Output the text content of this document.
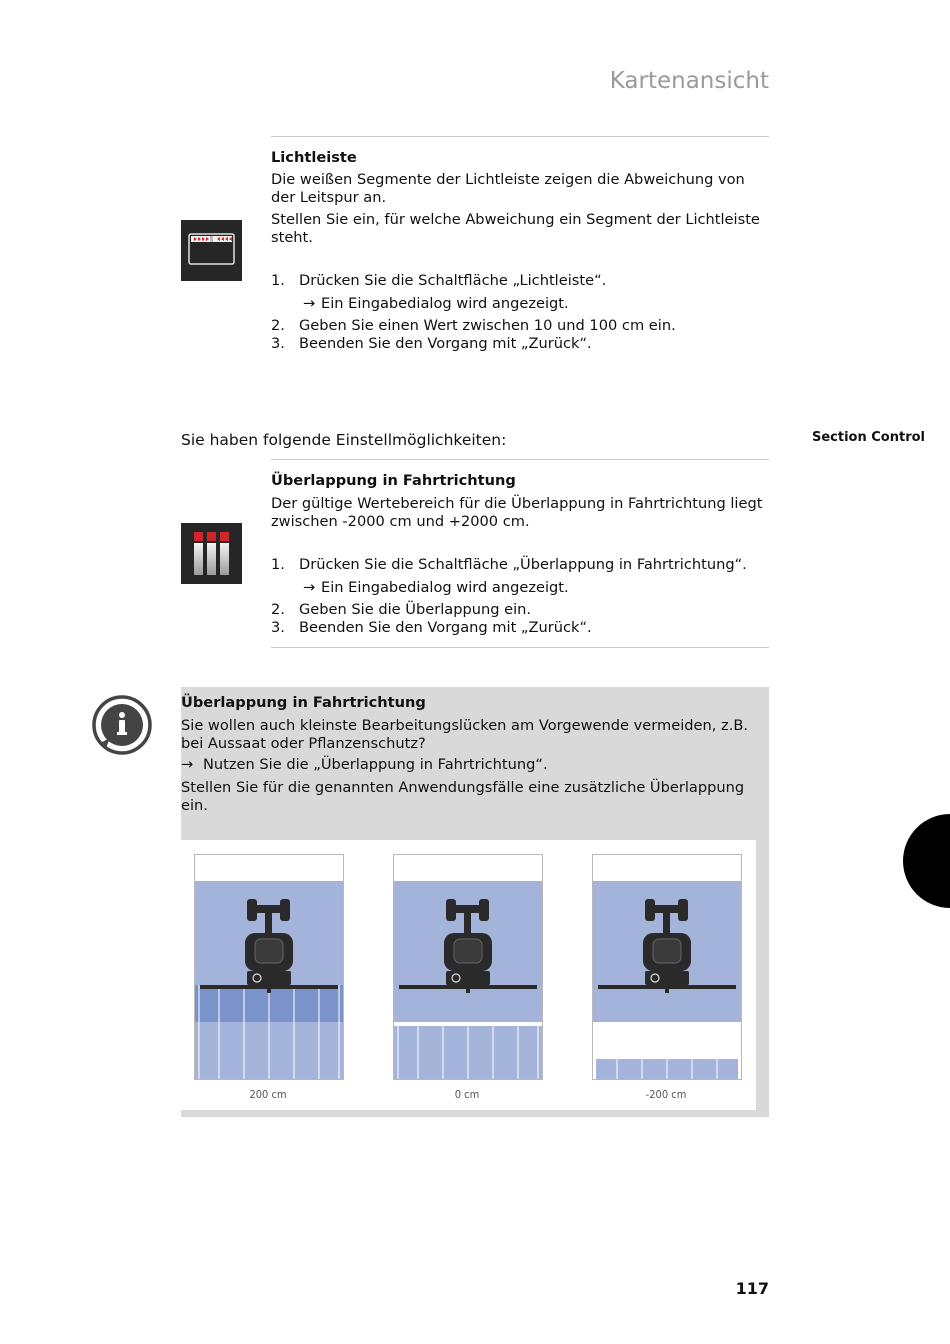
Kartenansicht
Lichtleiste
Die weißen Segmente der Lichtleiste zeigen die Abweichung von der Leitspur an.
Stellen Sie ein, für welche Abweichung ein Segment der Lichtleiste steht.
1. Drücken Sie die Schaltfläche „Lichtleiste“.
→ Ein Eingabedialog wird angezeigt.
2. Geben Sie einen Wert zwischen 10 und 100 cm ein.
3. Beenden Sie den Vorgang mit „Zurück“.
Sie haben folgende Einstellmöglichkeiten:	Section Control
Überlappung in Fahrtrichtung
Der gültige Wertebereich für die Überlappung in Fahrtrichtung liegt zwischen -2000 cm und +2000 cm.
1. Drücken Sie die Schaltfläche „Überlappung in Fahrtrichtung“.
→ Ein Eingabedialog wird angezeigt.
2. Geben Sie die Überlappung ein.
3. Beenden Sie den Vorgang mit „Zurück“.
Überlappung in Fahrtrichtung
Sie wollen auch kleinste Bearbeitungslücken am Vorgewende vermeiden, z.B. bei Aussaat oder Pflanzenschutz?
→ Nutzen Sie die „Überlappung in Fahrtrichtung“.
Stellen Sie für die genannten Anwendungsfälle eine zusätzliche Überlappung ein.
200 cm	0 cm	-200 cm
117
